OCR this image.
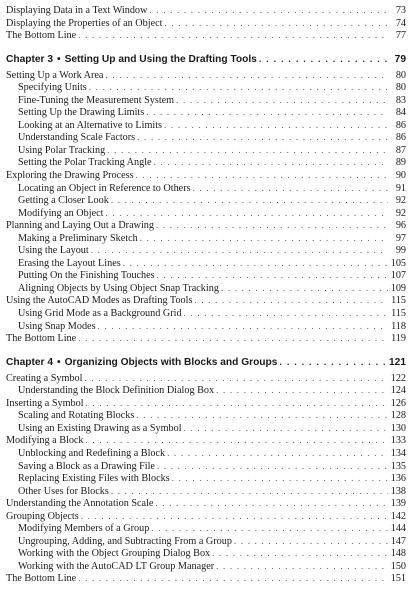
Displaying Data in a Text Window . . .	73
Displaying the Properties of an Object . . .	74
The Bottom Line . . .	77
Chapter 3 • Setting Up and Using the Drafting Tools . . .	79
Setting Up a Work Area . . .	80
Specifying Units . . .	80
Fine-Tuning the Measurement System . . .	83
Setting Up the Drawing Limits . . .	84
Looking at an Alternative to Limits . . .	86
Understanding Scale Factors . . .	86
Using Polar Tracking . . .	87
Setting the Polar Tracking Angle . . .	89
Exploring the Drawing Process . . .	90
Locating an Object in Reference to Others . . .	91
Getting a Closer Look . . .	92
Modifying an Object . . .	92
Planning and Laying Out a Drawing . . .	96
Making a Preliminary Sketch . . .	97
Using the Layout . . .	99
Erasing the Layout Lines . . .	105
Putting On the Finishing Touches . . .	107
Aligning Objects by Using Object Snap Tracking . . .	109
Using the AutoCAD Modes as Drafting Tools . . .	115
Using Grid Mode as a Background Grid . . .	115
Using Snap Modes . . .	118
The Bottom Line . . .	119
Chapter 4 • Organizing Objects with Blocks and Groups . . .	121
Creating a Symbol . . .	122
Understanding the Block Definition Dialog Box . . .	124
Inserting a Symbol . . .	126
Scaling and Rotating Blocks . . .	128
Using an Existing Drawing as a Symbol . . .	130
Modifying a Block . . .	133
Unblocking and Redefining a Block . . .	134
Saving a Block as a Drawing File . . .	135
Replacing Existing Files with Blocks . . .	136
Other Uses for Blocks . . .	138
Understanding the Annotation Scale . . .	139
Grouping Objects . . .	142
Modifying Members of a Group . . .	144
Ungrouping, Adding, and Subtracting From a Group . . .	147
Working with the Object Grouping Dialog Box . . .	148
Working with the AutoCAD LT Group Manager . . .	150
The Bottom Line . . .	151
